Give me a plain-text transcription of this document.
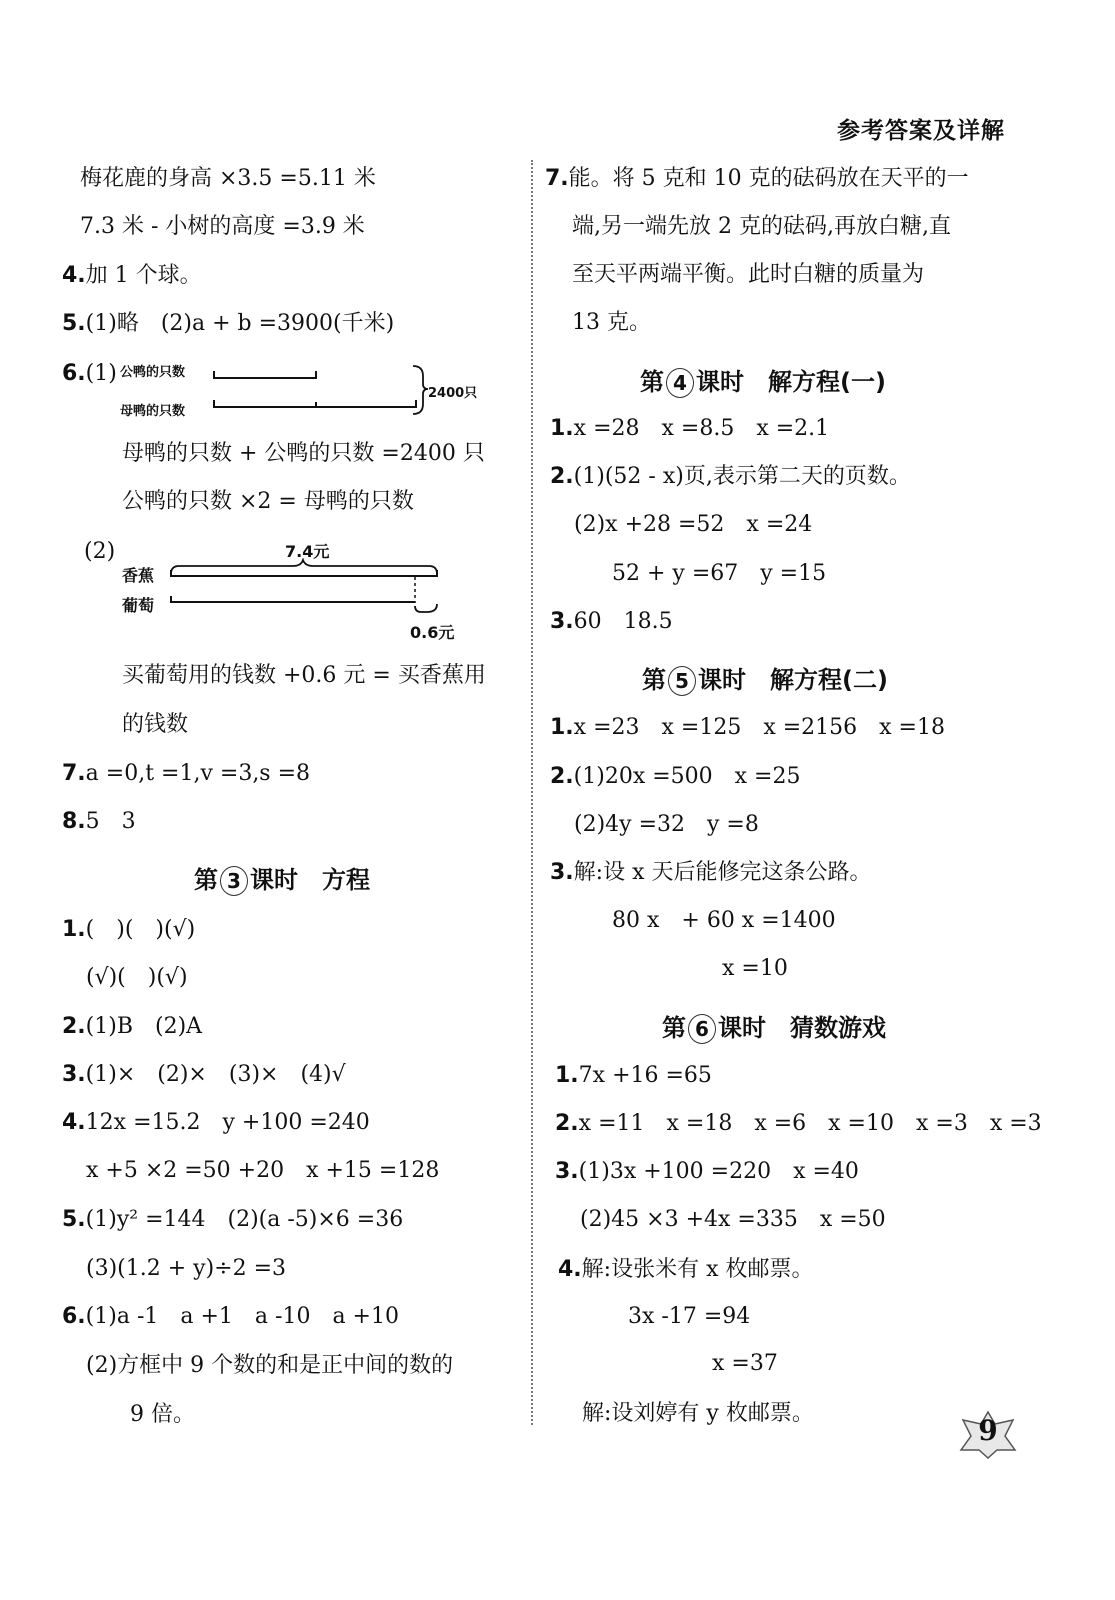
参考答案及详解
梅花鹿的身高 ×3.5 =5.11 米
7.3 米 - 小树的高度 =3.9 米
4.加 1 个球。
5.(1)略　(2)a + b =3900(千米)
6.(1) 公鸭的只数
母鸭的只数
2400只
母鸭的只数 + 公鸭的只数 =2400 只
公鸭的只数 ×2 = 母鸭的只数
(2)	7.4元
香蕉
葡萄
0.6元
买葡萄用的钱数 +0.6 元 = 买香蕉用
的钱数
7.a =0,t =1,v =3,s =8
8.5　3
第 3 课时　方程
1.(　)(　)(√)
(√)(　)(√)
2.(1)B　(2)A
3.(1)×　(2)×　(3)×　(4)√
4.12x =15.2　y +100 =240
x +5 ×2 =50 +20　x +15 =128
5.(1)y² =144　(2)(a -5)×6 =36
(3)(1.2 + y)÷2 =3
6.(1)a -1　a +1　a -10　a +10
(2)方框中 9 个数的和是正中间的数的
9 倍。
7.能。将 5 克和 10 克的砝码放在天平的一
端,另一端先放 2 克的砝码,再放白糖,直
至天平两端平衡。此时白糖的质量为
13 克。
第 4 课时　解方程(一)
1.x =28　x =8.5　x =2.1
2.(1)(52 - x)页,表示第二天的页数。
(2)x +28 =52　x =24
52 + y =67　y =15
3.60　18.5
第 5 课时　解方程(二)
1.x =23　x =125　x =2156　x =18
2.(1)20x =500　x =25
(2)4y =32　y =8
3.解:设 x 天后能修完这条公路。
80 x　+ 60 x =1400
x =10
第 6 课时　猜数游戏
1.7x +16 =65
2.x =11　x =18　x =6　x =10　x =3　x =3
3.(1)3x +100 =220　x =40
(2)45 ×3 +4x =335　x =50
4.解:设张米有 x 枚邮票。
3x -17 =94
x =37
解:设刘婷有 y 枚邮票。
9
